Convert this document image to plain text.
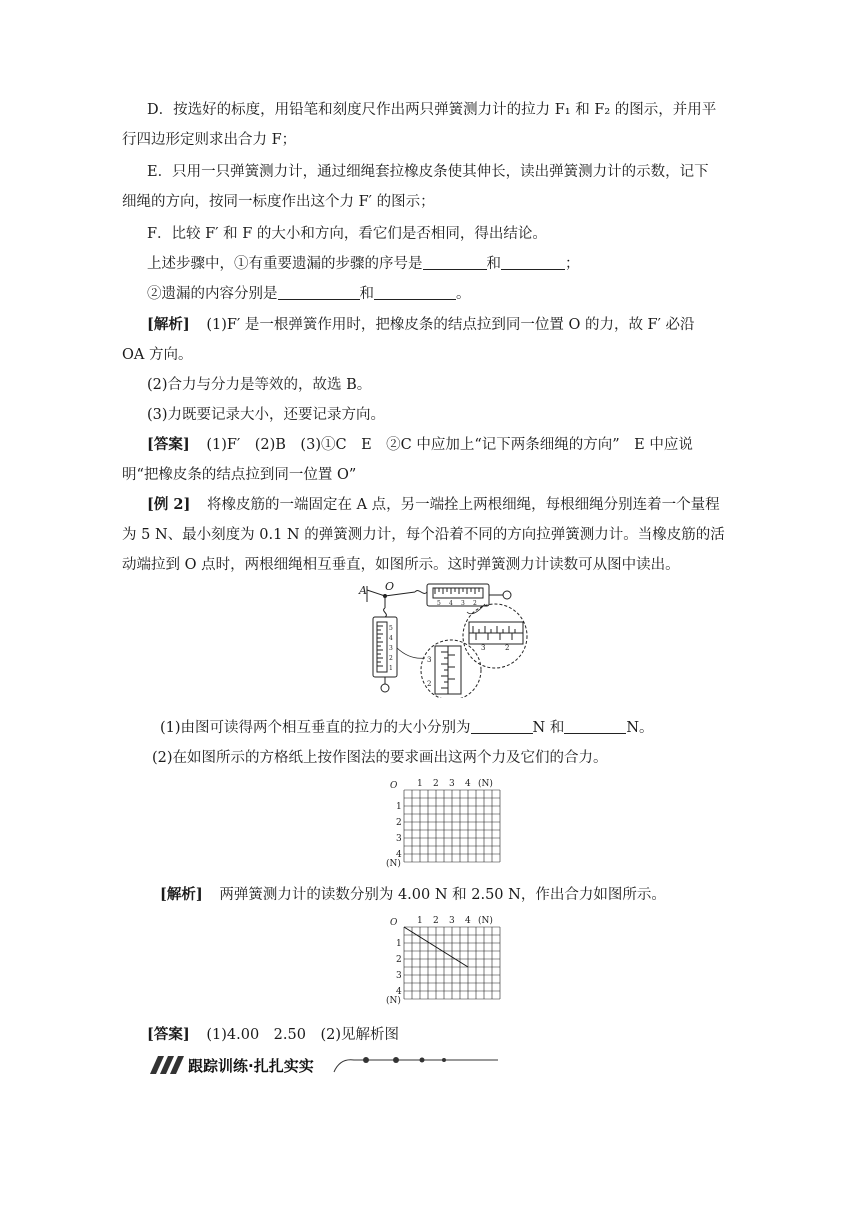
D．按选好的标度，用铅笔和刻度尺作出两只弹簧测力计的拉力 F₁ 和 F₂ 的图示，并用平
行四边形定则求出合力 F；
E．只用一只弹簧测力计，通过细绳套拉橡皮条使其伸长，读出弹簧测力计的示数，记下
细绳的方向，按同一标度作出这个力 F′ 的图示；
F．比较 F′ 和 F 的大小和方向，看它们是否相同，得出结论。
上述步骤中，①有重要遗漏的步骤的序号是	和	；
②遗漏的内容分别是	和	。
[解析] (1)F′ 是一根弹簧作用时，把橡皮条的结点拉到同一位置 O 的力，故 F′ 必沿
OA 方向。
(2)合力与分力是等效的，故选 B。
(3)力既要记录大小，还要记录方向。
[答案] (1)F′　(2)B　(3)①C　E　②C 中应加上“记下两条细绳的方向”　E 中应说
明“把橡皮条的结点拉到同一位置 O”
[例 2] 将橡皮筋的一端固定在 A 点，另一端拴上两根细绳，每根细绳分别连着一个量程
为 5 N、最小刻度为 0.1 N 的弹簧测力计，每个沿着不同的方向拉弹簧测力计。当橡皮筋的活
动端拉到 O 点时，两根细绳相互垂直，如图所示。这时弹簧测力计读数可从图中读出。
A O
5 4 3 2
3	2
5
4
3
2
1
3
2
(1)由图可读得两个相互垂直的拉力的大小分别为	N 和	N。
(2)在如图所示的方格纸上按作图法的要求画出这两个力及它们的合力。
O 1 2 3 4 (N)
1
2
3
4
(N)
[解析] 两弹簧测力计的读数分别为 4.00 N 和 2.50 N，作出合力如图所示。
O 1 2 3 4 (N)
1
2
3
4
(N)
[答案] (1)4.00　2.50　(2)见解析图
跟踪训练·扎扎实实
